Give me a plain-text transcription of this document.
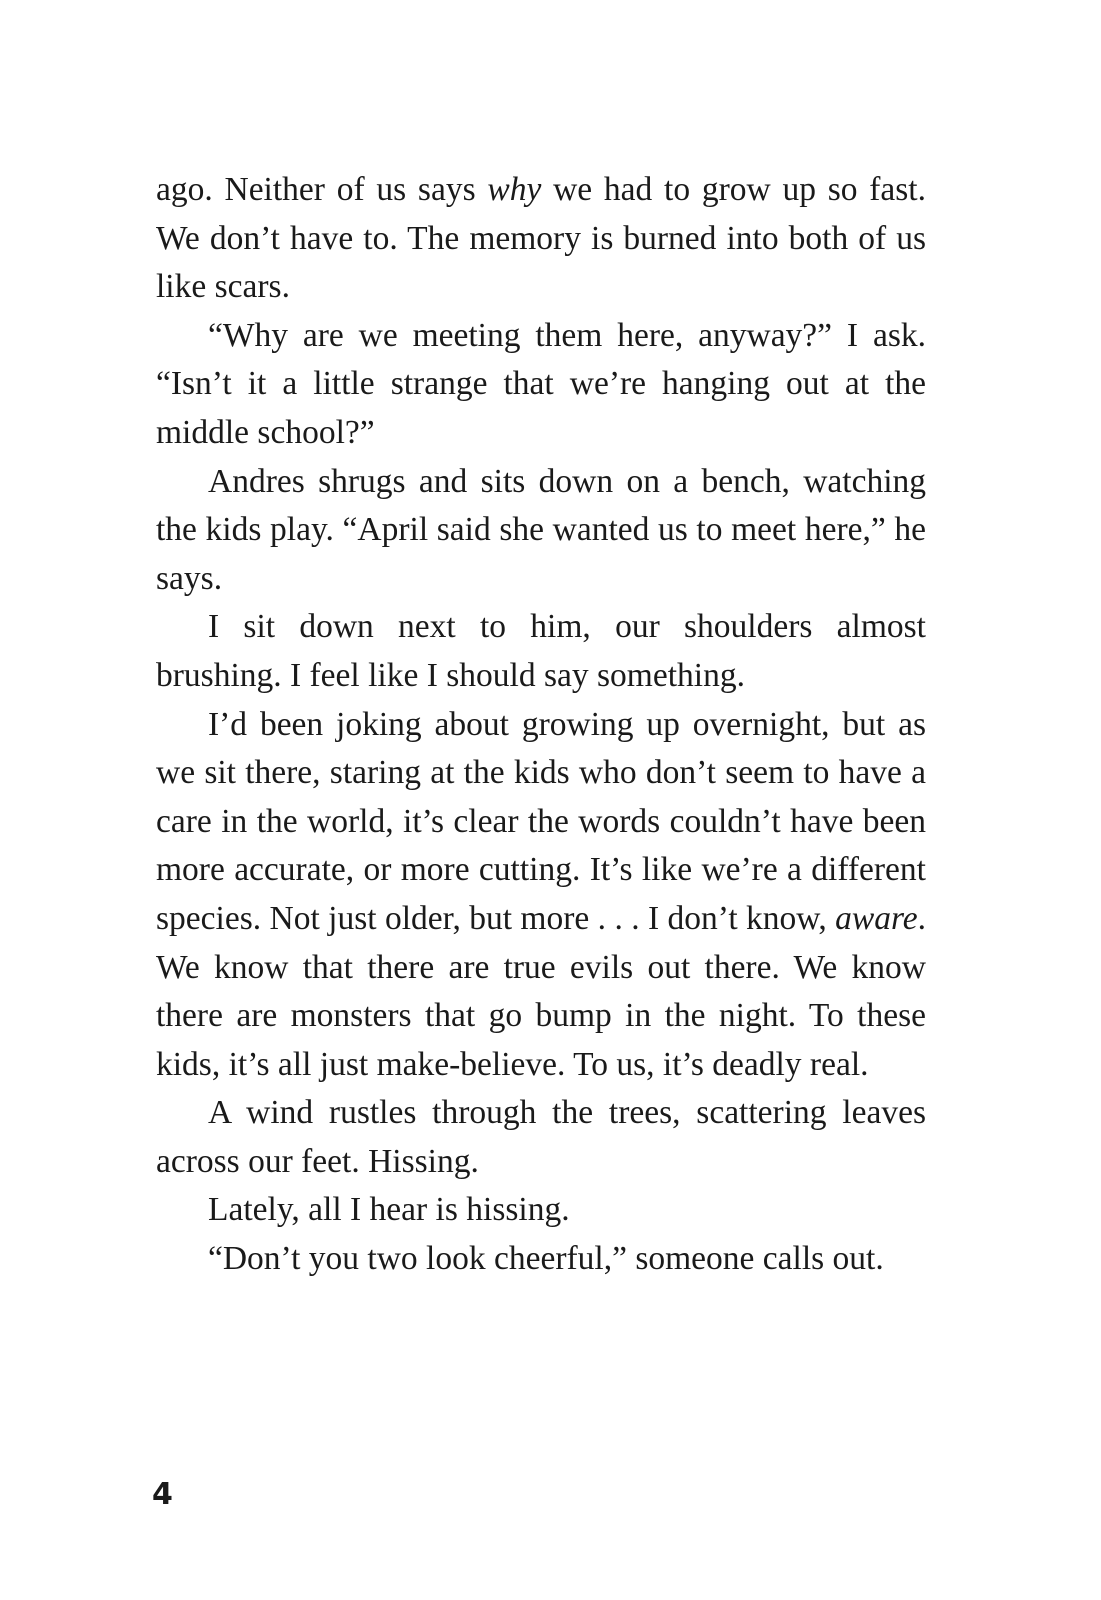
ago. Neither of us says why we had to grow up so fast. We don’t have to. The memory is burned into both of us like scars.

“Why are we meeting them here, anyway?” I ask. “Isn’t it a little strange that we’re hanging out at the middle school?”

Andres shrugs and sits down on a bench, watching the kids play. “April said she wanted us to meet here,” he says.

I sit down next to him, our shoulders almost brushing. I feel like I should say something.

I’d been joking about growing up overnight, but as we sit there, staring at the kids who don’t seem to have a care in the world, it’s clear the words couldn’t have been more accurate, or more cutting. It’s like we’re a different species. Not just older, but more . . . I don’t know, aware. We know that there are true evils out there. We know there are monsters that go bump in the night. To these kids, it’s all just make-believe. To us, it’s deadly real.

A wind rustles through the trees, scattering leaves across our feet. Hissing.

Lately, all I hear is hissing.

“Don’t you two look cheerful,” someone calls out.

4
